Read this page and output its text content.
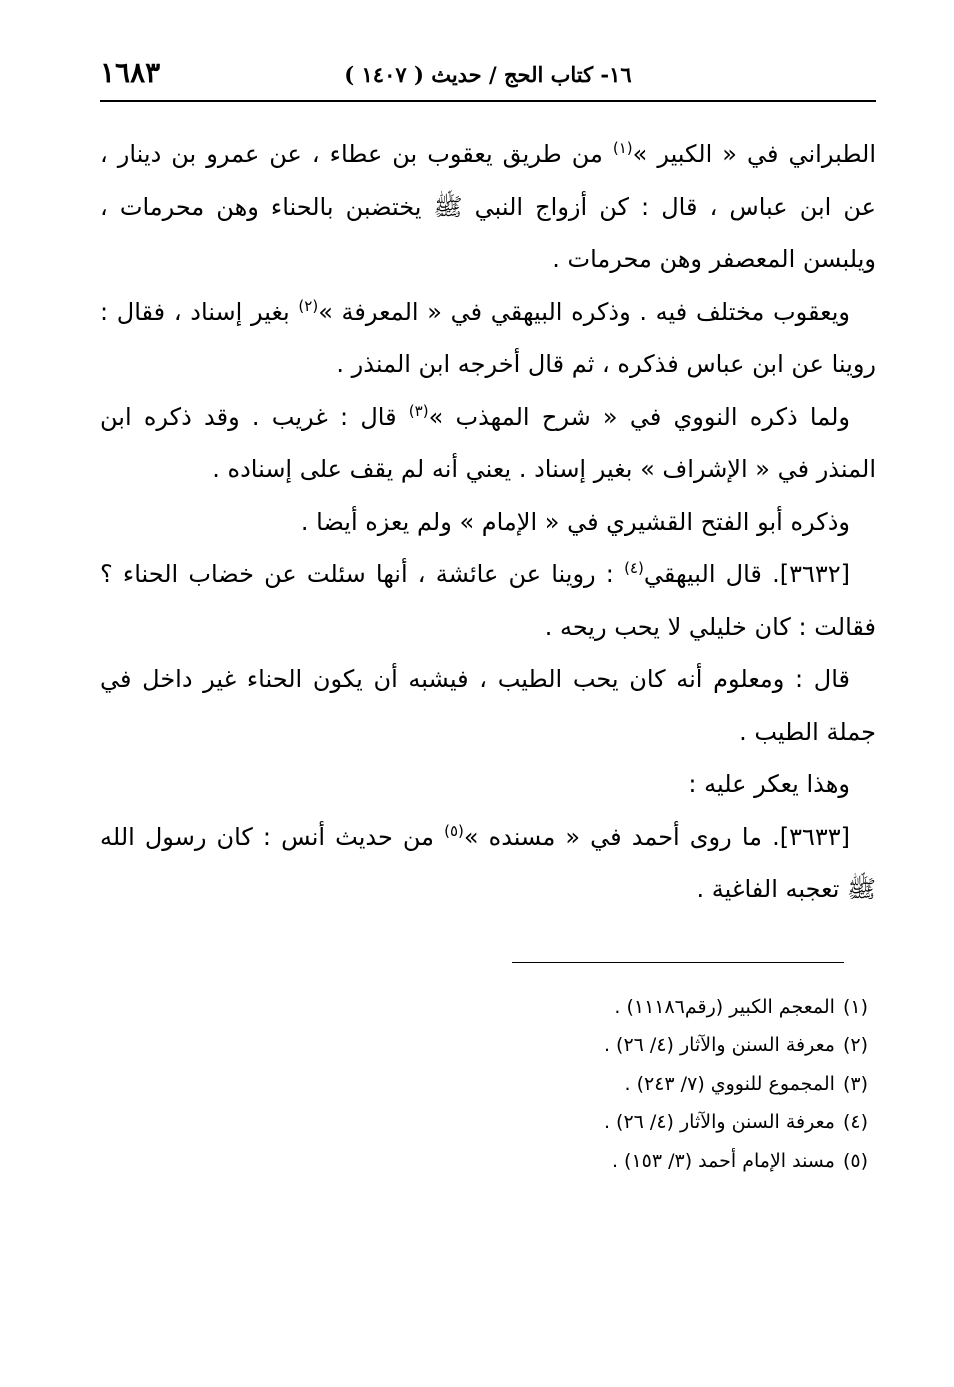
١٦- كتاب الحج / حديث ( ١٤٠٧ )
١٦٨٣

الطبراني في « الكبير »$^{(١)}$ من طريق يعقوب بن عطاء ، عن عمرو بن دينار ، عن ابن عباس ، قال : كن أزواج النبي ﷺ يختضبن بالحناء وهن محرمات ، ويلبسن المعصفر وهن محرمات .

ويعقوب مختلف فيه . وذكره البيهقي في « المعرفة »$^{(٢)}$ بغير إسناد ، فقال : روينا عن ابن عباس فذكره ، ثم قال أخرجه ابن المنذر .

ولما ذكره النووي في « شرح المهذب »$^{(٣)}$ قال : غريب . وقد ذكره ابن المنذر في « الإشراف » بغير إسناد . يعني أنه لم يقف على إسناده .

وذكره أبو الفتح القشيري في « الإمام » ولم يعزه أيضا .

[٣٦٣٢]. قال البيهقي$^{(٤)}$ : روينا عن عائشة ، أنها سئلت عن خضاب الحناء ؟ فقالت : كان خليلي لا يحب ريحه .

قال : ومعلوم أنه كان يحب الطيب ، فيشبه أن يكون الحناء غير داخل في جملة الطيب .

وهذا يعكر عليه :

[٣٦٣٣]. ما روى أحمد في « مسنده »$^{(٥)}$ من حديث أنس : كان رسول الله ﷺ تعجبه الفاغية .

(١)المعجم الكبير (رقم١١١٨٦) .
(٢)معرفة السنن والآثار (٤/ ٢٦) .
(٣)المجموع للنووي (٧/ ٢٤٣) .
(٤)معرفة السنن والآثار (٤/ ٢٦) .
(٥)مسند الإمام أحمد (٣/ ١٥٣) .
